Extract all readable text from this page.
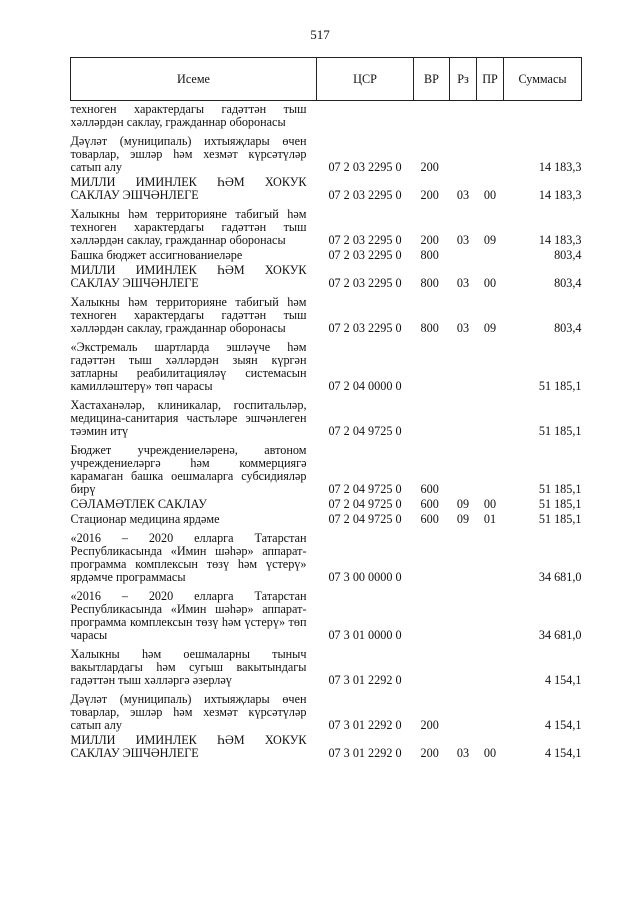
517
Исеме	ЦСР	ВР	Рз	ПР	Суммасы
техноген характердагы гадәттән тыш хәлләрдән саклау, гражданнар оборонасы					
Дәүләт (муниципаль) ихтыяҗлары өчен товарлар, эшләр һәм хезмәт күрсәтүләр сатып алу	07 2 03 2295 0	200			14 183,3
МИЛЛИ ИМИНЛЕК ҺӘМ ХОКУК САКЛАУ ЭШЧӘНЛЕГЕ	07 2 03 2295 0	200	03	00	14 183,3
Халыкны һәм территорияне табигый һәм техноген характердагы гадәттән тыш хәлләрдән саклау, гражданнар оборонасы	07 2 03 2295 0	200	03	09	14 183,3
Башка бюджет ассигнованиеләре	07 2 03 2295 0	800			803,4
МИЛЛИ ИМИНЛЕК ҺӘМ ХОКУК САКЛАУ ЭШЧӘНЛЕГЕ	07 2 03 2295 0	800	03	00	803,4
Халыкны һәм территорияне табигый һәм техноген характердагы гадәттән тыш хәлләрдән саклау, гражданнар оборонасы	07 2 03 2295 0	800	03	09	803,4
«Экстремаль шартларда эшләүче һәм гадәттән тыш хәлләрдән зыян күргән затларны реабилитацияләү системасын камилләштерү» төп чарасы	07 2 04 0000 0				51 185,1
Хастаханәләр, клиникалар, госпитальләр, медицина-санитария частьләре эшчәнлеген тәэмин итү	07 2 04 9725 0				51 185,1
Бюджет учреждениеләренә, автоном учреждениеләргә һәм коммерциягә карамаган башка оешмаларга субсидияләр бирү	07 2 04 9725 0	600			51 185,1
СӘЛАМӘТЛЕК САКЛАУ	07 2 04 9725 0	600	09	00	51 185,1
Стационар медицина ярдәме	07 2 04 9725 0	600	09	01	51 185,1
«2016 – 2020 елларга Татарстан Республикасында «Имин шәһәр» аппарат-программа комплексын төзү һәм үстерү» ярдәмче программасы	07 3 00 0000 0				34 681,0
«2016 – 2020 елларга Татарстан Республикасында «Имин шәһәр» аппарат-программа комплексын төзү һәм үстерү» төп чарасы	07 3 01 0000 0				34 681,0
Халыкны һәм оешмаларны тыныч вакытлардагы һәм сугыш вакытындагы гадәттән тыш хәлләргә әзерләү	07 3 01 2292 0				4 154,1
Дәүләт (муниципаль) ихтыяҗлары өчен товарлар, эшләр һәм хезмәт күрсәтүләр сатып алу	07 3 01 2292 0	200			4 154,1
МИЛЛИ ИМИНЛЕК ҺӘМ ХОКУК САКЛАУ ЭШЧӘНЛЕГЕ	07 3 01 2292 0	200	03	00	4 154,1
